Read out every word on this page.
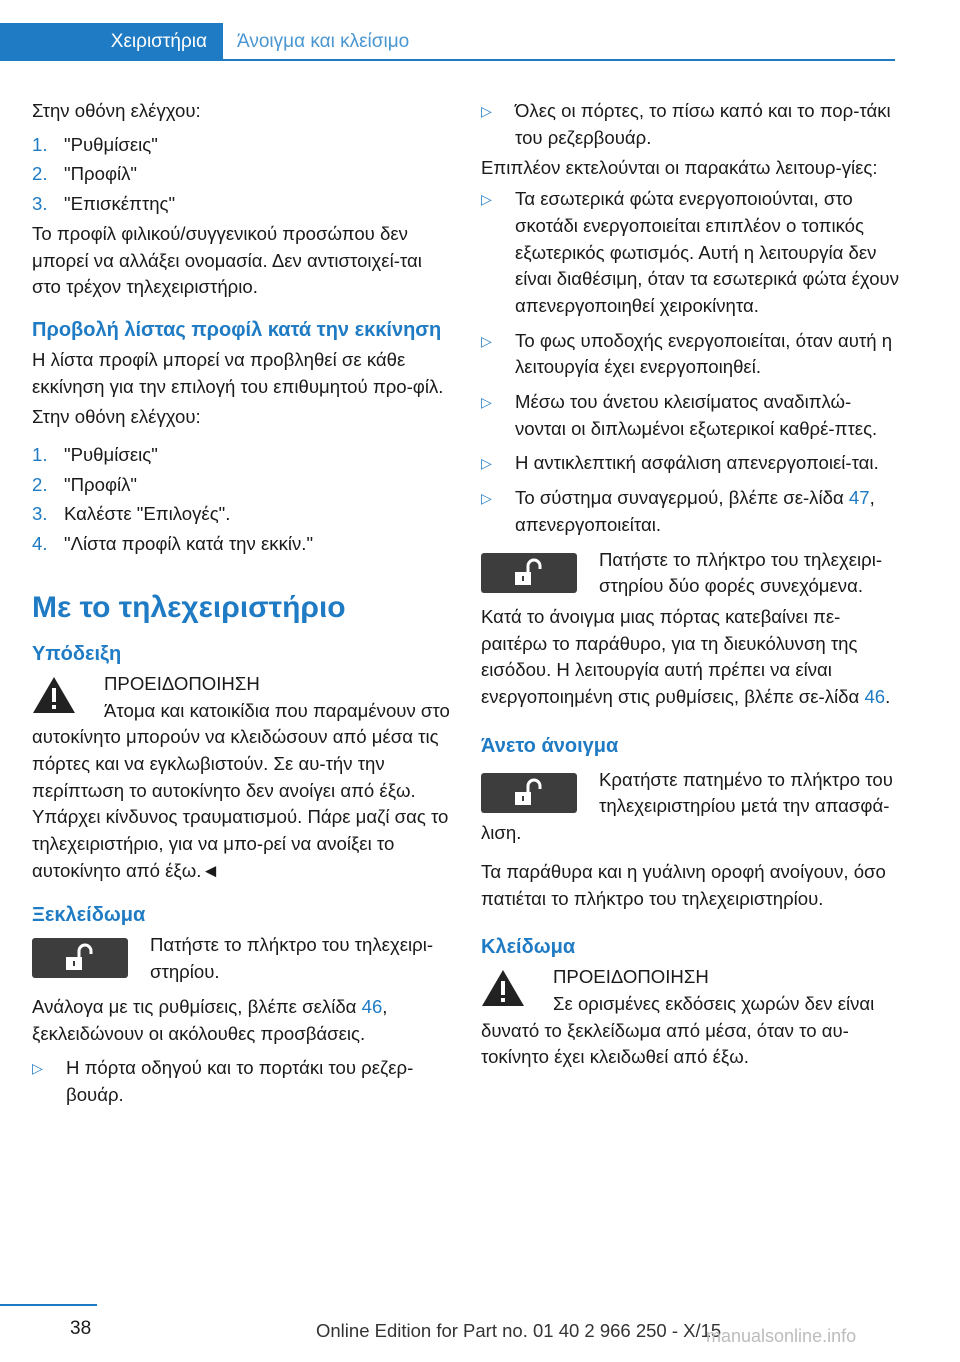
Χειριστήρια	Άνοιγμα και κλείσιμο

Στην οθόνη ελέγχου:

1. "Ρυθμίσεις"
2. "Προφίλ"
3. "Επισκέπτης"

Το προφίλ φιλικού/συγγενικού προσώπου δεν μπορεί να αλλάξει ονομασία. Δεν αντιστοιχεί-ται στο τρέχον τηλεχειριστήριο.

Προβολή λίστας προφίλ κατά την εκκίνηση

Η λίστα προφίλ μπορεί να προβληθεί σε κάθε εκκίνηση για την επιλογή του επιθυμητού προ-φίλ.

Στην οθόνη ελέγχου:

1. "Ρυθμίσεις"
2. "Προφίλ"
3. Καλέστε "Επιλογές".
4. "Λίστα προφίλ κατά την εκκίν."

Με το τηλεχειριστήριο

Υπόδειξη

ΠΡΟΕΙΔΟΠΟΙΗΣΗ

Άτομα και κατοικίδια που παραμένουν στο αυτοκίνητο μπορούν να κλειδώσουν από μέσα τις πόρτες και να εγκλωβιστούν. Σε αυ-τήν την περίπτωση το αυτοκίνητο δεν ανοίγει από έξω. Υπάρχει κίνδυνος τραυματισμού. Πάρε μαζί σας το τηλεχειριστήριο, για να μπο-ρεί να ανοίξει το αυτοκίνητο από έξω.◄

Ξεκλείδωμα

Πατήστε το πλήκτρο του τηλεχειρι-στηρίου.

Ανάλογα με τις ρυθμίσεις, βλέπε σελίδα 46, ξεκλειδώνουν οι ακόλουθες προσβάσεις.

▷	Η πόρτα οδηγού και το πορτάκι του ρεζερ-βουάρ.
▷	Όλες οι πόρτες, το πίσω καπό και το πορ-τάκι του ρεζερβουάρ.

Επιπλέον εκτελούνται οι παρακάτω λειτουρ-γίες:

▷	Τα εσωτερικά φώτα ενεργοποιούνται, στο σκοτάδι ενεργοποιείται επιπλέον ο τοπικός εξωτερικός φωτισμός. Αυτή η λειτουργία δεν είναι διαθέσιμη, όταν τα εσωτερικά φώτα έχουν απενεργοποιηθεί χειροκίνητα.
▷	Το φως υποδοχής ενεργοποιείται, όταν αυτή η λειτουργία έχει ενεργοποιηθεί.
▷	Μέσω του άνετου κλεισίματος αναδιπλώ-νονται οι διπλωμένοι εξωτερικοί καθρέ-πτες.
▷	Η αντικλεπτική ασφάλιση απενεργοποιεί-ται.
▷	Το σύστημα συναγερμού, βλέπε σε-λίδα 47, απενεργοποιείται.

Πατήστε το πλήκτρο του τηλεχειρι-στηρίου δύο φορές συνεχόμενα.

Κατά το άνοιγμα μιας πόρτας κατεβαίνει πε-ραιτέρω το παράθυρο, για τη διευκόλυνση της εισόδου. Η λειτουργία αυτή πρέπει να είναι ενεργοποιημένη στις ρυθμίσεις, βλέπε σε-λίδα 46.

Άνετο άνοιγμα

Κρατήστε πατημένο το πλήκτρο του τηλεχειριστηρίου μετά την απασφά-λιση.

Τα παράθυρα και η γυάλινη οροφή ανοίγουν, όσο πατιέται το πλήκτρο του τηλεχειριστηρίου.

Κλείδωμα

ΠΡΟΕΙΔΟΠΟΙΗΣΗ

Σε ορισμένες εκδόσεις χωρών δεν είναι δυνατό το ξεκλείδωμα από μέσα, όταν το αυ-τοκίνητο έχει κλειδωθεί από έξω.

38	Online Edition for Part no. 01 40 2 966 250 - X/15
manualsonline.info
